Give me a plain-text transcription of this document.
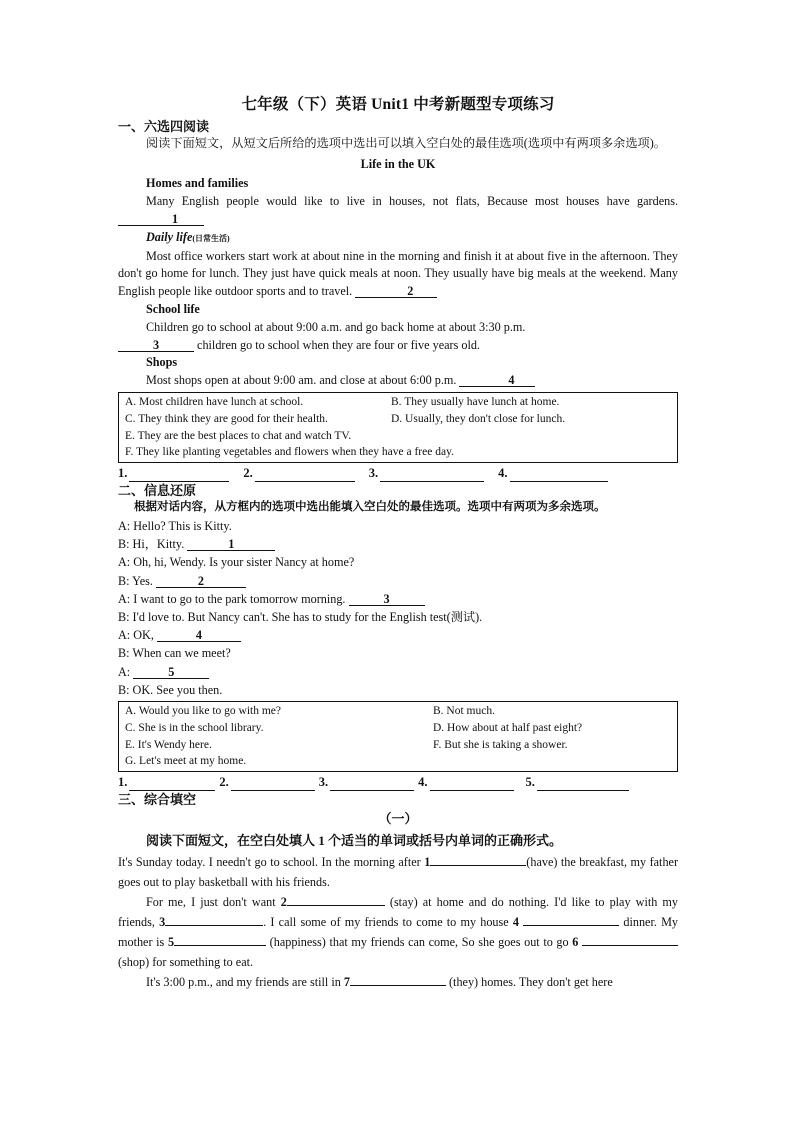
七年级（下）英语 Unit1 中考新题型专项练习

一、六选四阅读

阅读下面短文，从短文后所给的选项中选出可以填入空白处的最佳选项(选项中有两项多余选项)。

Life in the UK

Homes and families

Many English people would like to live in houses, not flats, Because most houses have gardens. 1

Daily life(日常生活)

Most office workers start work at about nine in the morning and finish it at about five in the afternoon. They don't go home for lunch. They just have quick meals at noon. They usually have big meals at the weekend. Many English people like outdoor sports and to travel.	2

School life

Children go to school at about 9:00 a.m. and go back home at about 3:30 p.m.

3	children go to school when they are four or five years old.

Shops

Most shops open at about 9:00 am. and close at about 6:00 p.m.	4

A. Most children have lunch at school.	B. They usually have lunch at home.
C. They think they are good for their health.	D. Usually, they don't close for lunch.
E. They are the best places to chat and watch TV.
F. They like planting vegetables and flowers when they have a free day.
1.	2.	3.	4.

二、信息还原

根据对话内容，从方框内的选项中选出能填入空白处的最佳选项。选项中有两项为多余选项。

A: Hello? This is Kitty.

B: Hi，Kitty.	1

A: Oh, hi, Wendy. Is your sister Nancy at home?

B: Yes.	2

A: I want to go to the park tomorrow morning.	3

B: I'd love to. But Nancy can't. She has to study for the English test(测试).

A: OK,	4

B: When can we meet?

A:	5

B: OK. See you then.

A. Would you like to go with me?	B. Not much.
C. She is in the school library.	D. How about at half past eight?
E. It's Wendy here.	F. But she is taking a shower.
G. Let's meet at my home.
1.	2.	3.	4.	5.

三、综合填空

（一）

阅读下面短文，在空白处填人 1 个适当的单词或括号内单词的正确形式。

It's Sunday today. I needn't go to school. In the morning after 1	(have) the breakfast, my father goes out to play basketball with his friends.

For me, I just don't want 2	(stay) at home and do nothing. I'd like to play with my friends, 3	. I call some of my friends to come to my house 4	dinner. My mother is 5	(happiness) that my friends can come, So she goes out to go 6  (shop) for something to eat.

It's 3:00 p.m., and my friends are still in 7	(they) homes. They don't get here
